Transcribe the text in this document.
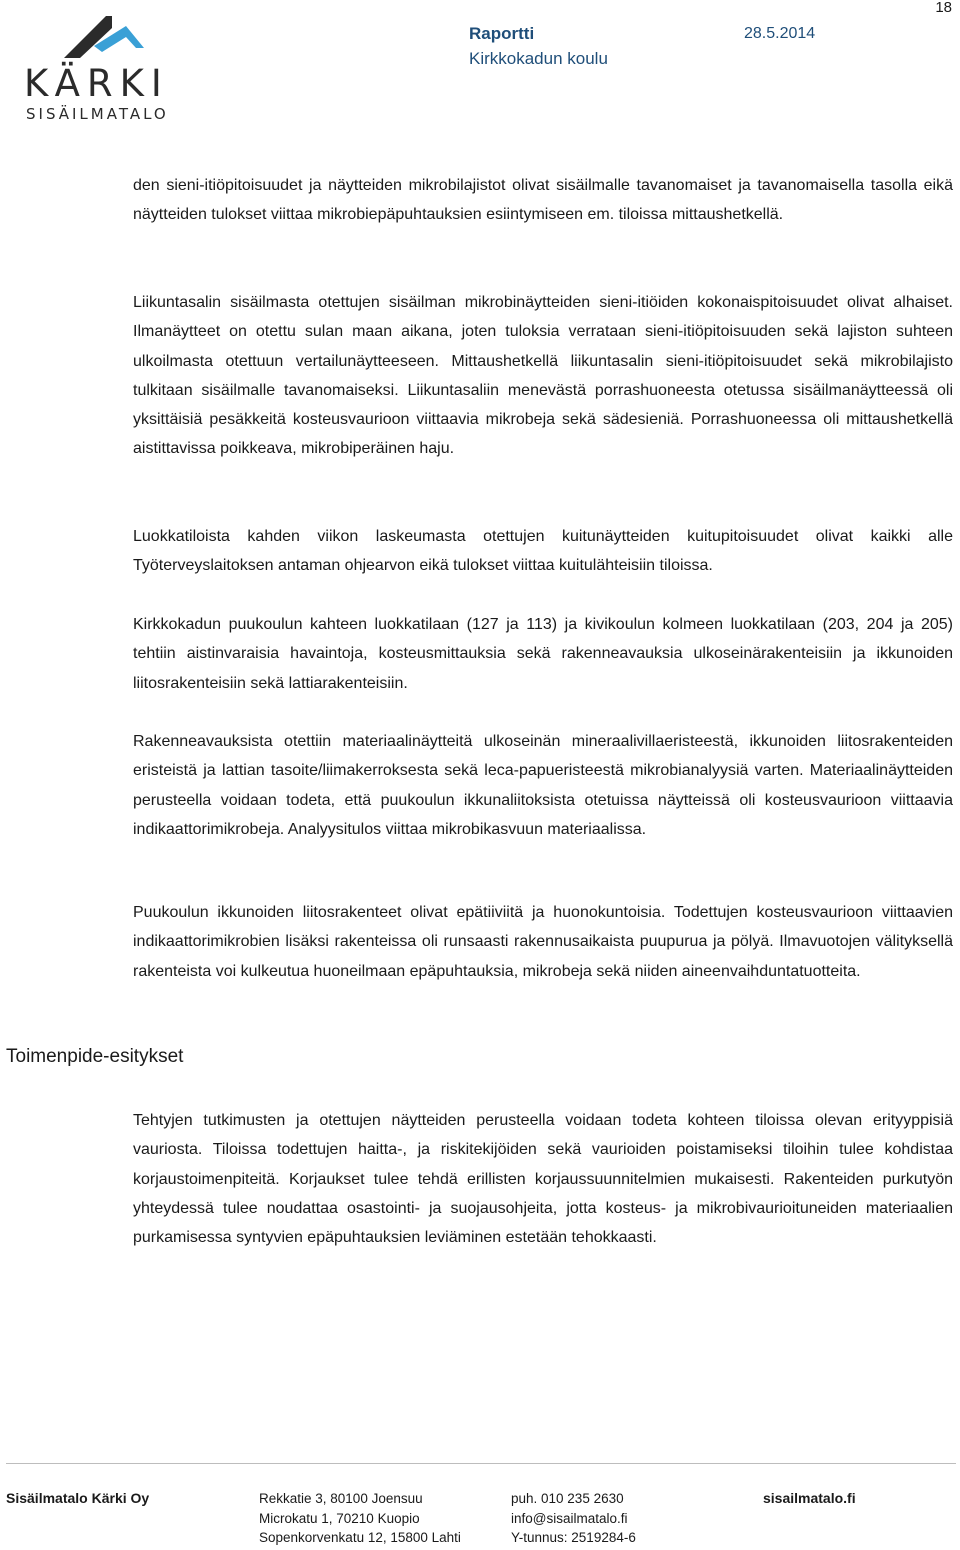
KÄRKI
SISÄILMATALO
Raportti	28.5.2014
Kirkkokadun koulu
18

den sieni-itiöpitoisuudet ja näytteiden mikrobilajistot olivat sisäilmalle tavanomaiset ja tavanomaisella tasolla eikä näytteiden tulokset viittaa mikrobiepäpuhtauksien esiintymiseen em. tiloissa mittaushetkellä.

Liikuntasalin sisäilmasta otettujen sisäilman mikrobinäytteiden sieni-itiöiden kokonaispitoisuudet olivat alhaiset. Ilmanäytteet on otettu sulan maan aikana, joten tuloksia verrataan sieni-itiöpitoisuuden sekä lajiston suhteen ulkoilmasta otettuun vertailunäytteeseen. Mittaushetkellä liikuntasalin sieni-itiöpitoisuudet sekä mikrobilajisto tulkitaan sisäilmalle tavanomaiseksi. Liikuntasaliin menevästä porrashuoneesta otetussa sisäilmanäytteessä oli yksittäisiä pesäkkeitä kosteusvaurioon viittaavia mikrobeja sekä sädesieniä. Porrashuoneessa oli mittaushetkellä aistittavissa poikkeava, mikrobiperäinen haju.

Luokkatiloista kahden viikon laskeumasta otettujen kuitunäytteiden kuitupitoisuudet olivat kaikki alle Työterveyslaitoksen antaman ohjearvon eikä tulokset viittaa kuitulähteisiin tiloissa.

Kirkkokadun puukoulun kahteen luokkatilaan (127 ja 113) ja kivikoulun kolmeen luokkatilaan (203, 204 ja 205) tehtiin aistinvaraisia havaintoja, kosteusmittauksia sekä rakenneavauksia ulkoseinärakenteisiin ja ikkunoiden liitosrakenteisiin sekä lattiarakenteisiin.

Rakenneavauksista otettiin materiaalinäytteitä ulkoseinän mineraalivillaeristeestä, ikkunoiden liitosrakenteiden eristeistä ja lattian tasoite/liimakerroksesta sekä leca-papueristeestä mikrobianalyysiä varten. Materiaalinäytteiden perusteella voidaan todeta, että puukoulun ikkunaliitoksista otetuissa näytteissä oli kosteusvaurioon viittaavia indikaattorimikrobeja. Analyysitulos viittaa mikrobikasvuun materiaalissa.

Puukoulun ikkunoiden liitosrakenteet olivat epätiiviitä ja huonokuntoisia. Todettujen kosteusvaurioon viittaavien indikaattorimikrobien lisäksi rakenteissa oli runsaasti rakennusaikaista puupurua ja pölyä. Ilmavuotojen välityksellä rakenteista voi kulkeutua huoneilmaan epäpuhtauksia, mikrobeja sekä niiden aineenvaihduntatuotteita.

Toimenpide-esitykset

Tehtyjen tutkimusten ja otettujen näytteiden perusteella voidaan todeta kohteen tiloissa olevan erityyppisiä vauriosta. Tiloissa todettujen haitta-, ja riskitekijöiden sekä vaurioiden poistamiseksi tiloihin tulee kohdistaa korjaustoimenpiteitä. Korjaukset tulee tehdä erillisten korjaussuunnitelmien mukaisesti. Rakenteiden purkutyön yhteydessä tulee noudattaa osastointi- ja suojausohjeita, jotta kosteus- ja mikrobivaurioituneiden materiaalien purkamisessa syntyvien epäpuhtauksien leviäminen estetään tehokkaasti.

Sisäilmatalo Kärki Oy	Rekkatie 3, 80100 Joensuu
Microkatu 1, 70210 Kuopio
Sopenkorvenkatu 12, 15800 Lahti
puh. 010 235 2630
info@sisailmatalo.fi
Y-tunnus: 2519284-6
sisailmatalo.fi
